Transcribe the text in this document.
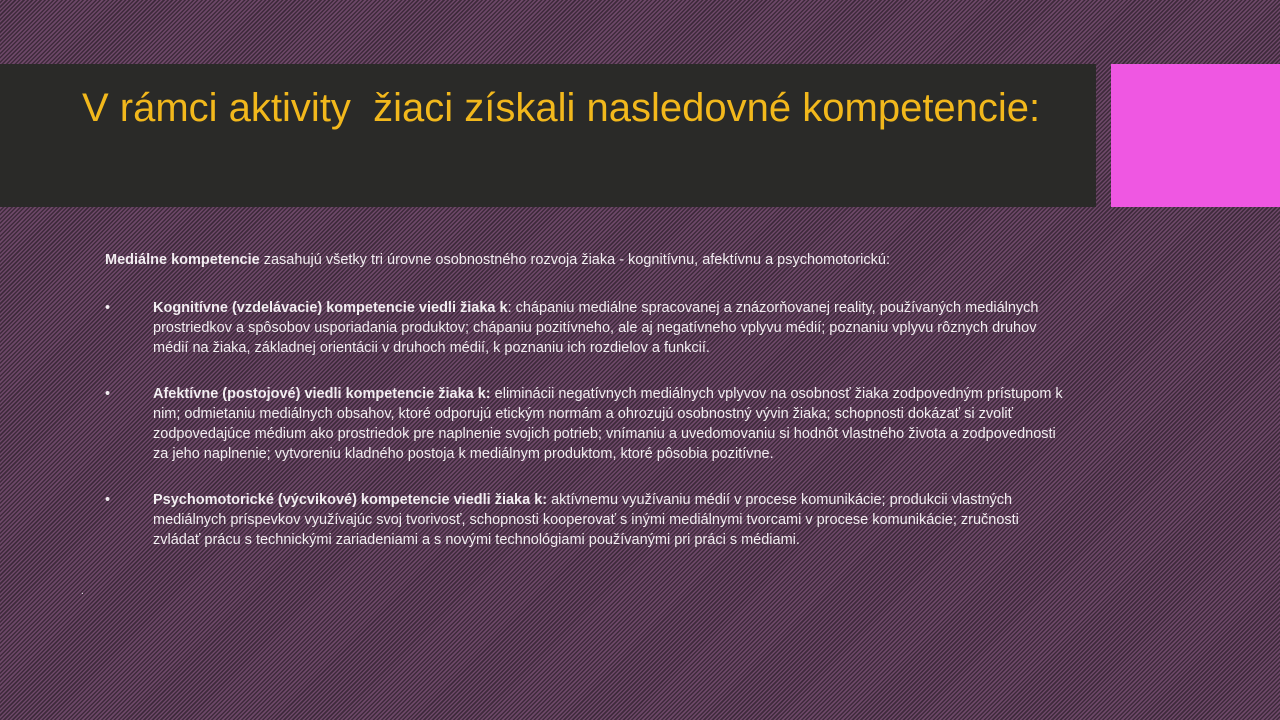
V rámci aktivity  žiaci získali nasledovné kompetencie:

Mediálne kompetencie zasahujú všetky tri úrovne osobnostného rozvoja žiaka - kognitívnu, afektívnu a psychomotorickú:

•	Kognitívne (vzdelávacie) kompetencie viedli žiaka k: chápaniu mediálne spracovanej a znázorňovanej reality, používaných mediálnych prostriedkov a spôsobov usporiadania produktov; chápaniu pozitívneho, ale aj negatívneho vplyvu médií; poznaniu vplyvu rôznych druhov médií na žiaka, základnej orientácii v druhoch médií, k poznaniu ich rozdielov a funkcií.
•	Afektívne (postojové) viedli kompetencie žiaka k: eliminácii negatívnych mediálnych vplyvov na osobnosť žiaka zodpovedným prístupom k nim; odmietaniu mediálnych obsahov, ktoré odporujú etickým normám a ohrozujú osobnostný vývin žiaka; schopnosti dokázať si zvoliť zodpovedajúce médium ako prostriedok pre naplnenie svojich potrieb; vnímaniu a uvedomovaniu si hodnôt vlastného života a zodpovednosti za jeho naplnenie; vytvoreniu kladného postoja k mediálnym produktom, ktoré pôsobia pozitívne.
•	Psychomotorické (výcvikové) kompetencie viedli žiaka k: aktívnemu využívaniu médií v procese komunikácie; produkcii vlastných mediálnych príspevkov využívajúc svoj tvorivosť, schopnosti kooperovať s inými mediálnymi tvorcami v procese komunikácie; zručnosti zvládať prácu s technickými zariadeniami a s novými technológiami používanými pri práci s médiami.
.
